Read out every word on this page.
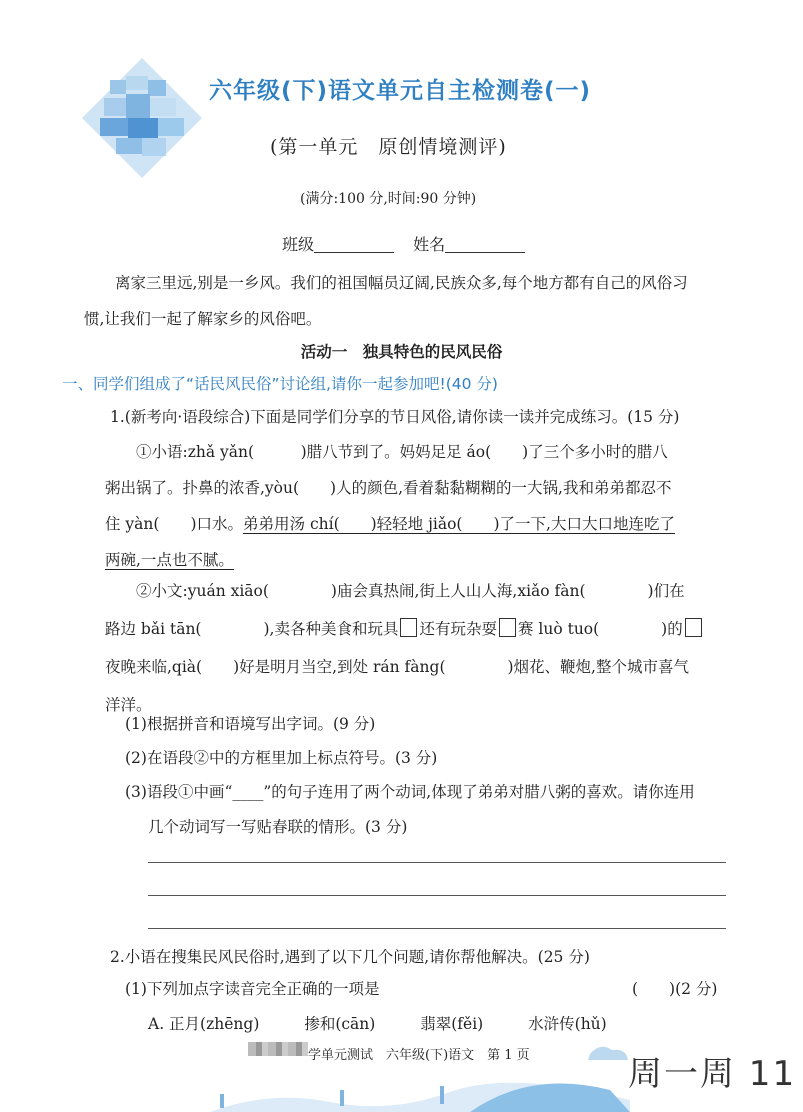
六年级(下)语文单元自主检测卷(一)
(第一单元　原创情境测评)
(满分:100 分,时间:90 分钟)
班级	姓名
离家三里远,别是一乡风。我们的祖国幅员辽阔,民族众多,每个地方都有自己的风俗习
惯,让我们一起了解家乡的风俗吧。
活动一　独具特色的民风民俗
一、同学们组成了“话民风民俗”讨论组,请你一起参加吧!(40 分)
1.(新考向·语段综合)下面是同学们分享的节日风俗,请你读一读并完成练习。(15 分)
①小语:zhǎ yǎn(　　　)腊八节到了。妈妈足足 áo(　　)了三个多小时的腊八
粥出锅了。扑鼻的浓香,yòu(　　)人的颜色,看着黏黏糊糊的一大锅,我和弟弟都忍不
住 yàn(　　)口水。弟弟用汤 chí(　　)轻轻地 jiǎo(　　)了一下,大口大口地连吃了
两碗,一点也不腻。
②小文:yuán xiāo(　　　　)庙会真热闹,街上人山人海,xiǎo fàn(　　　　)们在
路边 bǎi tān(　　　　),卖各种美食和玩具 还有玩杂耍 赛 luò tuo(　　　　)的
夜晚来临,qià(　　)好是明月当空,到处 rán fàng(　　　　)烟花、鞭炮,整个城市喜气
洋洋。
(1)根据拼音和语境写出字词。(9 分)
(2)在语段②中的方框里加上标点符号。(3 分)
(3)语段①中画“____”的句子连用了两个动词,体现了弟弟对腊八粥的喜欢。请你连用
几个动词写一写贴春联的情形。(3 分)
2.小语在搜集民风民俗时,遇到了以下几个问题,请你帮他解决。(25 分)
(1)下列加点字读音完全正确的一项是	(　　)(2 分)
A. 正月(zhēng)	掺和(cān)	翡翠(fěi)	水浒传(hǔ)
学单元测试　六年级(下)语文　第 1 页	周一周 11
